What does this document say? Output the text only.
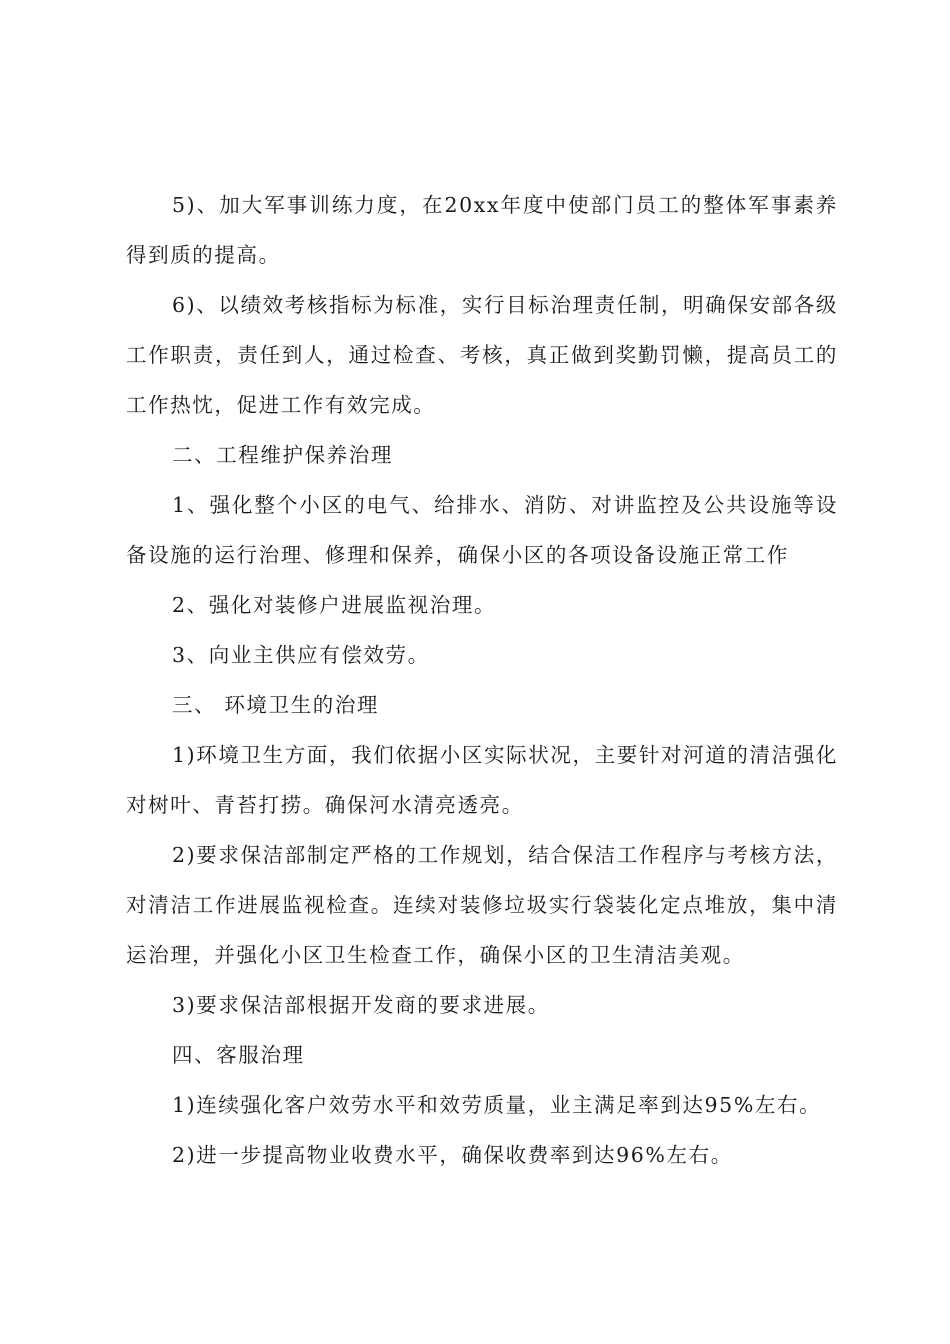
5)、加大军事训练力度，在20xx年度中使部门员工的整体军事素养得到质的提高。

6)、以绩效考核指标为标准，实行目标治理责任制，明确保安部各级工作职责，责任到人，通过检查、考核，真正做到奖勤罚懒，提高员工的工作热忱，促进工作有效完成。

二、工程维护保养治理

1、强化整个小区的电气、给排水、消防、对讲监控及公共设施等设备设施的运行治理、修理和保养，确保小区的各项设备设施正常工作

2、强化对装修户进展监视治理。

3、向业主供应有偿效劳。

三、 环境卫生的治理

1)环境卫生方面，我们依据小区实际状况，主要针对河道的清洁强化对树叶、青苔打捞。确保河水清亮透亮。

2)要求保洁部制定严格的工作规划，结合保洁工作程序与考核方法，对清洁工作进展监视检查。连续对装修垃圾实行袋装化定点堆放，集中清运治理，并强化小区卫生检查工作，确保小区的卫生清洁美观。

3)要求保洁部根据开发商的要求进展。

四、客服治理

1)连续强化客户效劳水平和效劳质量，业主满足率到达95%左右。

2)进一步提高物业收费水平，确保收费率到达96%左右。
